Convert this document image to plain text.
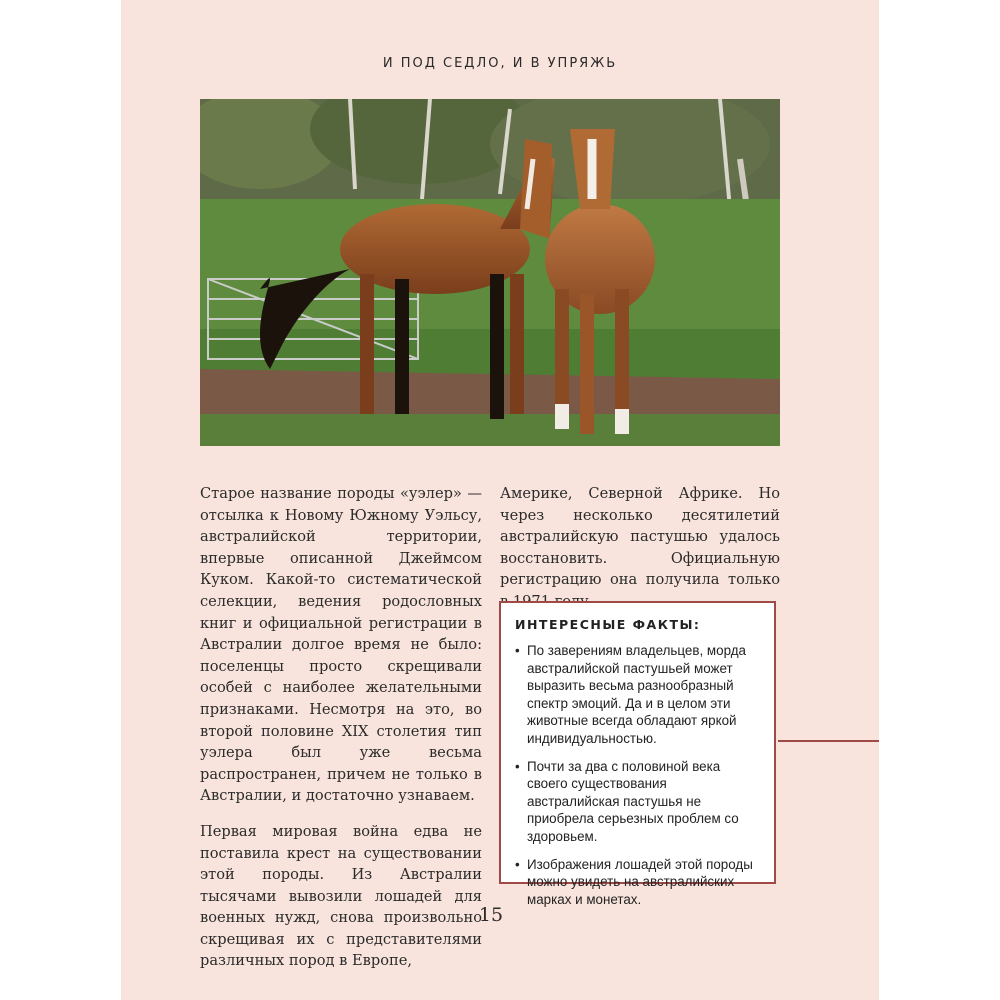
И ПОД СЕДЛО, И В УПРЯЖЬ

Старое название породы «уэлер» — отсылка к Новому Южному Уэльсу, австралийской территории, впервые описанной Джеймсом Куком. Какой-то систематической селекции, ведения родословных книг и официальной регистрации в Австралии долгое время не было: поселенцы просто скрещивали особей с наиболее желательными признаками. Несмотря на это, во второй половине XIX столетия тип уэлера был уже весьма распространен, причем не только в Австралии, и достаточно узнаваем.

Первая мировая война едва не поставила крест на существовании этой породы. Из Австралии тысячами вывозили лошадей для военных нужд, снова произвольно скрещивая их с представителями различных пород в Европе,

Америке, Северной Африке. Но через несколько десятилетий австралийскую пастушью удалось восстановить. Официальную регистрацию она получила только

ИНТЕРЕСНЫЕ ФАКТЫ:
• По заверениям владельцев, морда австралийской пастушьей может выразить весьма разнообразный спектр эмоций. Да и в целом эти животные всегда обладают яркой индивидуальностью.
• Почти за два с половиной века своего существования австралийская пастушья не приобрела серьезных проблем со здоровьем.
• Изображения лошадей этой породы можно увидеть на австралийских марках и монетах.
15
